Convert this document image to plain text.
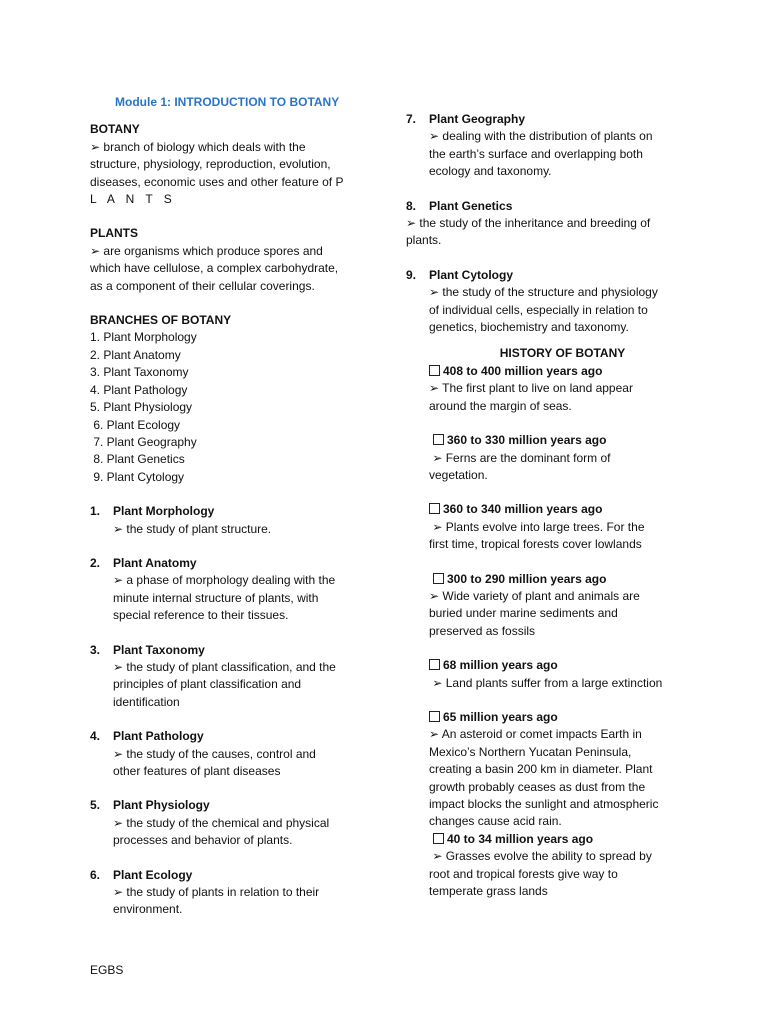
Module 1: INTRODUCTION TO BOTANY
BOTANY
➢ branch of biology which deals with the
structure, physiology, reproduction, evolution,
diseases, economic uses and other feature of P
L A N T S
PLANTS
➢ are organisms which produce spores and
which have cellulose, a complex carbohydrate,
as a component of their cellular coverings.
BRANCHES OF BOTANY
1. Plant Morphology
2. Plant Anatomy
3. Plant Taxonomy
4. Plant Pathology
5. Plant Physiology
6. Plant Ecology
7. Plant Geography
8. Plant Genetics
9. Plant Cytology
1.	Plant Morphology
➢ the study of plant structure.
2.	Plant Anatomy
➢ a phase of morphology dealing with the
minute internal structure of plants, with
special reference to their tissues.
3.	Plant Taxonomy
➢ the study of plant classification, and the
principles of plant classification and
identification
4.	Plant Pathology
➢ the study of the causes, control and
other features of plant diseases
5.	Plant Physiology
➢ the study of the chemical and physical
processes and behavior of plants.
6.	Plant Ecology
➢ the study of plants in relation to their
environment.
7.	Plant Geography
➢ dealing with the distribution of plants on
the earth’s surface and overlapping both
ecology and taxonomy.
8.	Plant Genetics
➢ the study of the inheritance and breeding of
plants.
9.	Plant Cytology
➢ the study of the structure and physiology
of individual cells, especially in relation to
genetics, biochemistry and taxonomy.
HISTORY OF BOTANY
408 to 400 million years ago
➢ The first plant to live on land appear
around the margin of seas.
360 to 330 million years ago
➢ Ferns are the dominant form of
vegetation.
360 to 340 million years ago
➢ Plants evolve into large trees. For the
first time, tropical forests cover lowlands
300 to 290 million years ago
➢ Wide variety of plant and animals are
buried under marine sediments and
preserved as fossils
68 million years ago
➢ Land plants suffer from a large extinction
65 million years ago
➢ An asteroid or comet impacts Earth in
Mexico’s Northern Yucatan Peninsula,
creating a basin 200 km in diameter. Plant
growth probably ceases as dust from the
impact blocks the sunlight and atmospheric
changes cause acid rain.
40 to 34 million years ago
➢ Grasses evolve the ability to spread by
root and tropical forests give way to
temperate grass lands
EGBS
